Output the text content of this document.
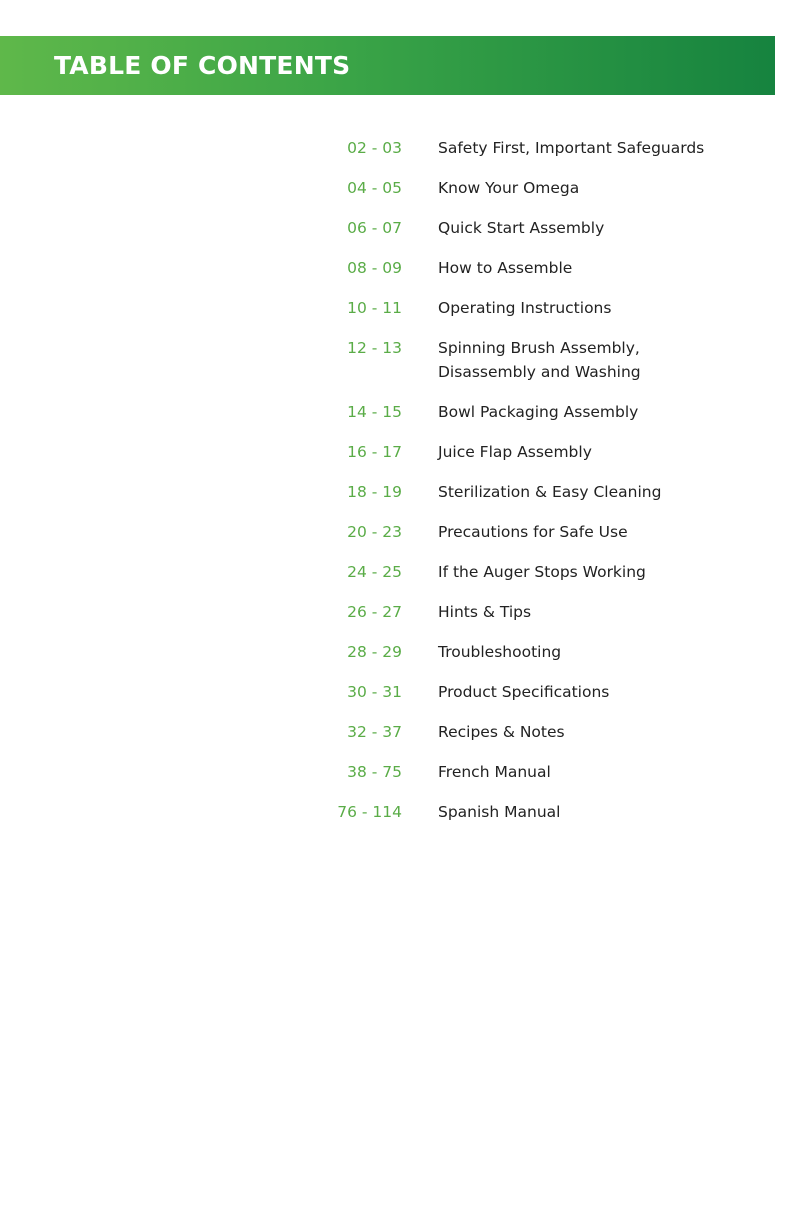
TABLE OF CONTENTS
02 - 03 Safety First, Important Safeguards
04 - 05 Know Your Omega
06 - 07 Quick Start Assembly
08 - 09 How to Assemble
10 - 11 Operating Instructions
12 - 13 Spinning Brush Assembly,
Disassembly and Washing
14 - 15 Bowl Packaging Assembly
16 - 17 Juice Flap Assembly
18 - 19 Sterilization & Easy Cleaning
20 - 23 Precautions for Safe Use
24 - 25 If the Auger Stops Working
26 - 27 Hints & Tips
28 - 29 Troubleshooting
30 - 31 Product Specifications
32 - 37 Recipes & Notes
38 - 75 French Manual
76 - 114 Spanish Manual
